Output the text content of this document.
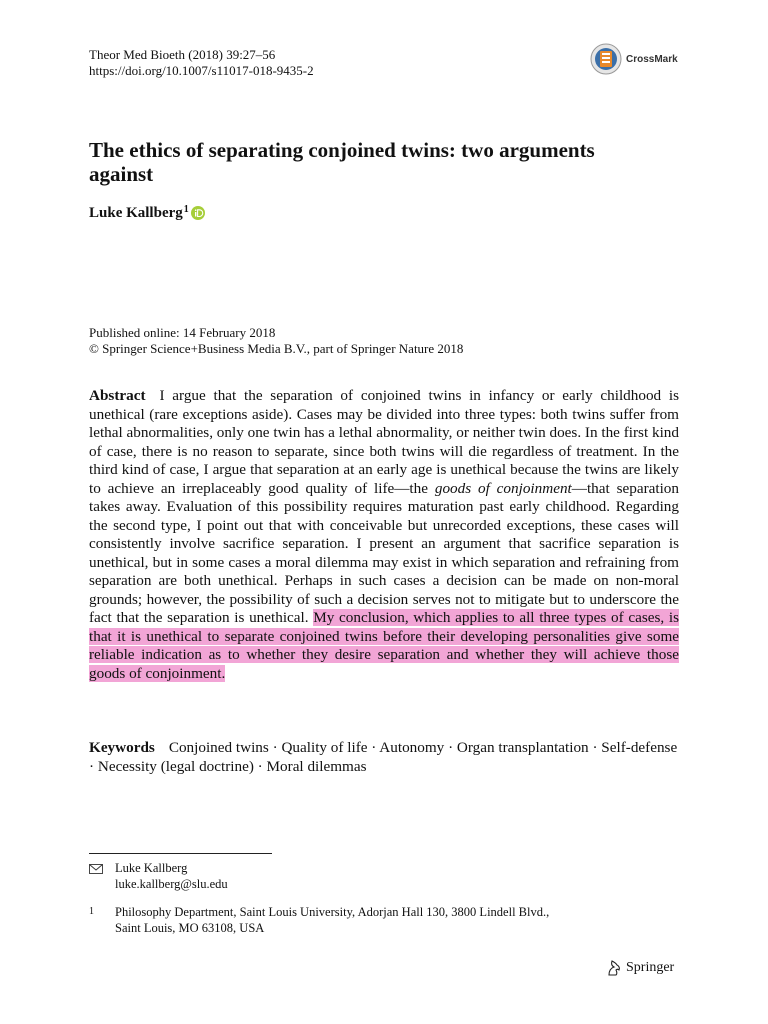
Theor Med Bioeth (2018) 39:27–56
https://doi.org/10.1007/s11017-018-9435-2
CrossMark
The ethics of separating conjoined twins: two arguments against
Luke Kallberg$^1$
Published online: 14 February 2018
© Springer Science+Business Media B.V., part of Springer Nature 2018
Abstract I argue that the separation of conjoined twins in infancy or early childhood is unethical (rare exceptions aside). Cases may be divided into three types: both twins suffer from lethal abnormalities, only one twin has a lethal abnormality, or neither twin does. In the first kind of case, there is no reason to separate, since both twins will die regardless of treatment. In the third kind of case, I argue that separation at an early age is unethical because the twins are likely to achieve an irreplaceably good quality of life—the goods of conjoinment—that separation takes away. Evaluation of this possibility requires maturation past early childhood. Regarding the second type, I point out that with conceivable but unrecorded exceptions, these cases will consistently involve sacrifice separation. I present an argument that sacrifice separation is unethical, but in some cases a moral dilemma may exist in which separation and refraining from separation are both unethical. Perhaps in such cases a decision can be made on non-moral grounds; however, the possibility of such a decision serves not to mitigate but to underscore the fact that the separation is unethical. My conclusion, which applies to all three types of cases, is that it is unethical to separate conjoined twins before their developing personalities give some reliable indication as to whether they desire separation and whether they will achieve those goods of conjoinment.
Keywords Conjoined twins · Quality of life · Autonomy · Organ transplantation · Self-defense · Necessity (legal doctrine) · Moral dilemmas
Luke Kallberg
luke.kallberg@slu.edu
1	Philosophy Department, Saint Louis University, Adorjan Hall 130, 3800 Lindell Blvd.,
Saint Louis, MO 63108, USA
Springer
